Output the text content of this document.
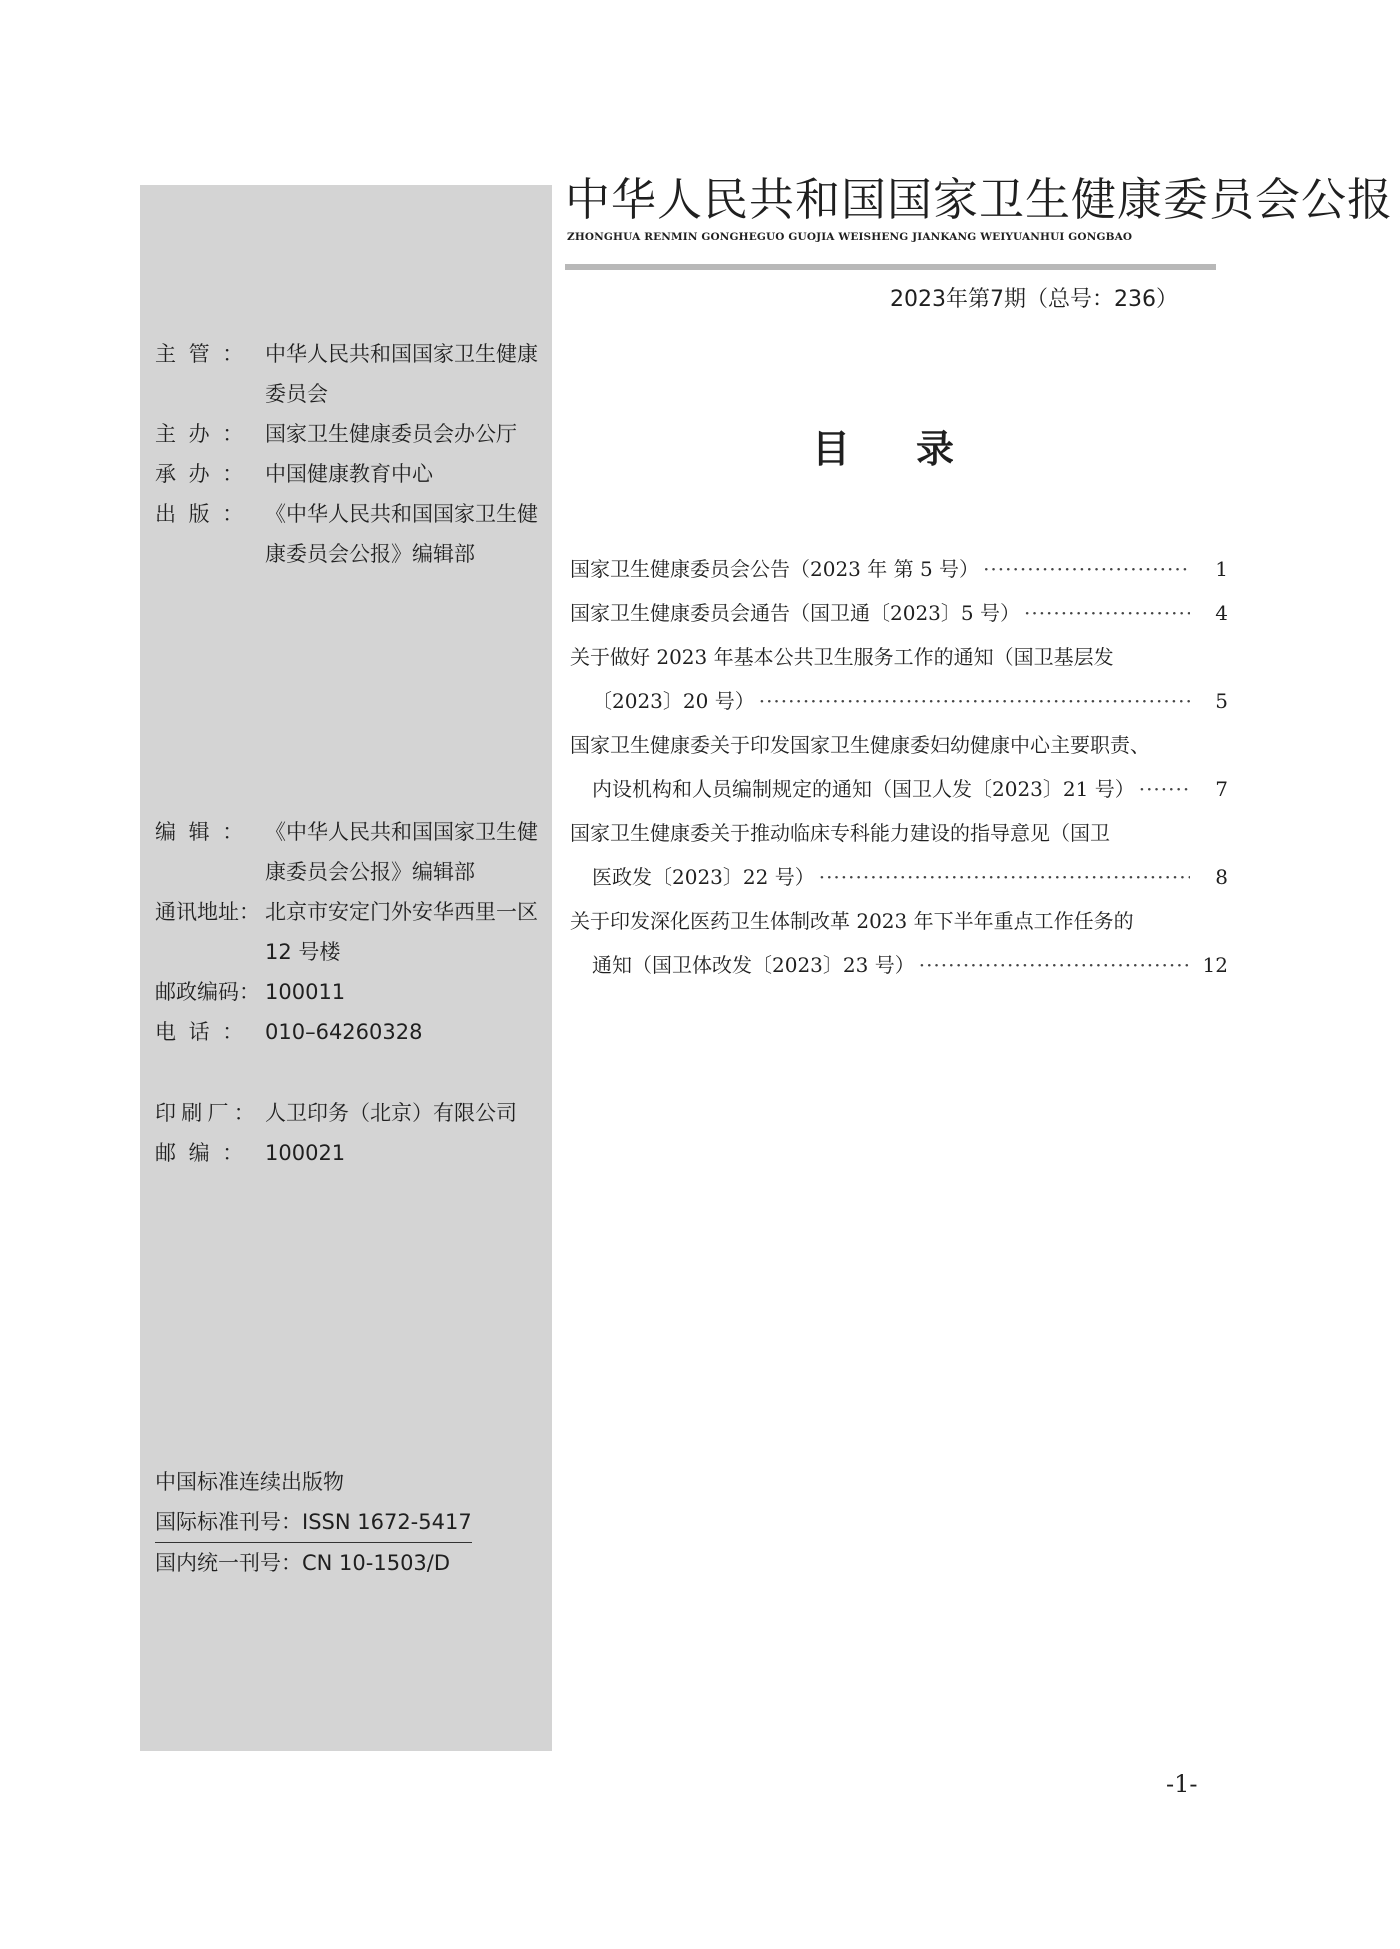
主管： 中华人民共和国国家卫生健康委员会
主办： 国家卫生健康委员会办公厅
承办： 中国健康教育中心
出版： 《中华人民共和国国家卫生健康委员会公报》编辑部
编辑： 《中华人民共和国国家卫生健康委员会公报》编辑部
通讯地址： 北京市安定门外安华西里一区 12 号楼
邮政编码： 100011
电话： 010–64260328
印刷厂： 人卫印务（北京）有限公司
邮编： 100021
中国标准连续出版物
国际标准刊号：ISSN 1672-5417
国内统一刊号：CN 10-1503/D
中华人民共和国国家卫生健康委员会公报
ZHONGHUA RENMIN GONGHEGUO GUOJIA WEISHENG JIANKANG WEIYUANHUI GONGBAO
2023年第7期（总号：236）
目录
国家卫生健康委员会公告（2023 年 第 5 号） ·····	1
国家卫生健康委员会通告（国卫通〔2023〕5 号） ·····	4
关于做好 2023 年基本公共卫生服务工作的通知（国卫基层发
〔2023〕20 号） ·····	5
国家卫生健康委关于印发国家卫生健康委妇幼健康中心主要职责、
内设机构和人员编制规定的通知（国卫人发〔2023〕21 号） ·····	7
国家卫生健康委关于推动临床专科能力建设的指导意见（国卫
医政发〔2023〕22 号） ·····	8
关于印发深化医药卫生体制改革 2023 年下半年重点工作任务的
通知（国卫体改发〔2023〕23 号） ·····	12
-1-
